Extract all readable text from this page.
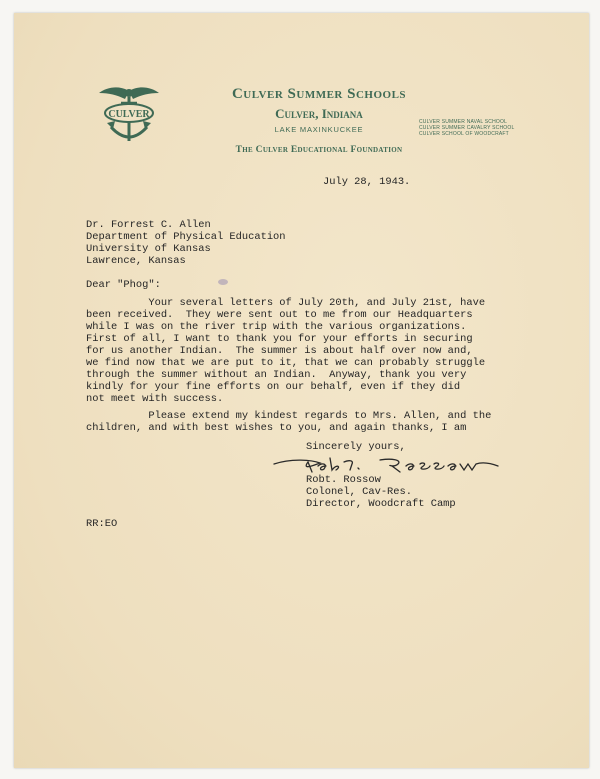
CULVER
Culver Summer Schools
Culver, Indiana
LAKE MAXINKUCKEE
CULVER SUMMER NAVAL SCHOOL
CULVER SUMMER CAVALRY SCHOOL
CULVER SCHOOL OF WOODCRAFT
The Culver Educational Foundation
July 28, 1943.
Dr. Forrest C. Allen
Department of Physical Education
University of Kansas
Lawrence, Kansas
Dear "Phog":
Your several letters of July 20th, and July 21st, have
been received.  They were sent out to me from our Headquarters
while I was on the river trip with the various organizations.
First of all, I want to thank you for your efforts in securing
for us another Indian.  The summer is about half over now and,
we find now that we are put to it, that we can probably struggle
through the summer without an Indian.  Anyway, thank you very
kindly for your fine efforts on our behalf, even if they did
not meet with success.
Please extend my kindest regards to Mrs. Allen, and the
children, and with best wishes to you, and again thanks, I am
Sincerely yours,
Robt. Rossow
Colonel, Cav-Res.
Director, Woodcraft Camp
RR:EO
